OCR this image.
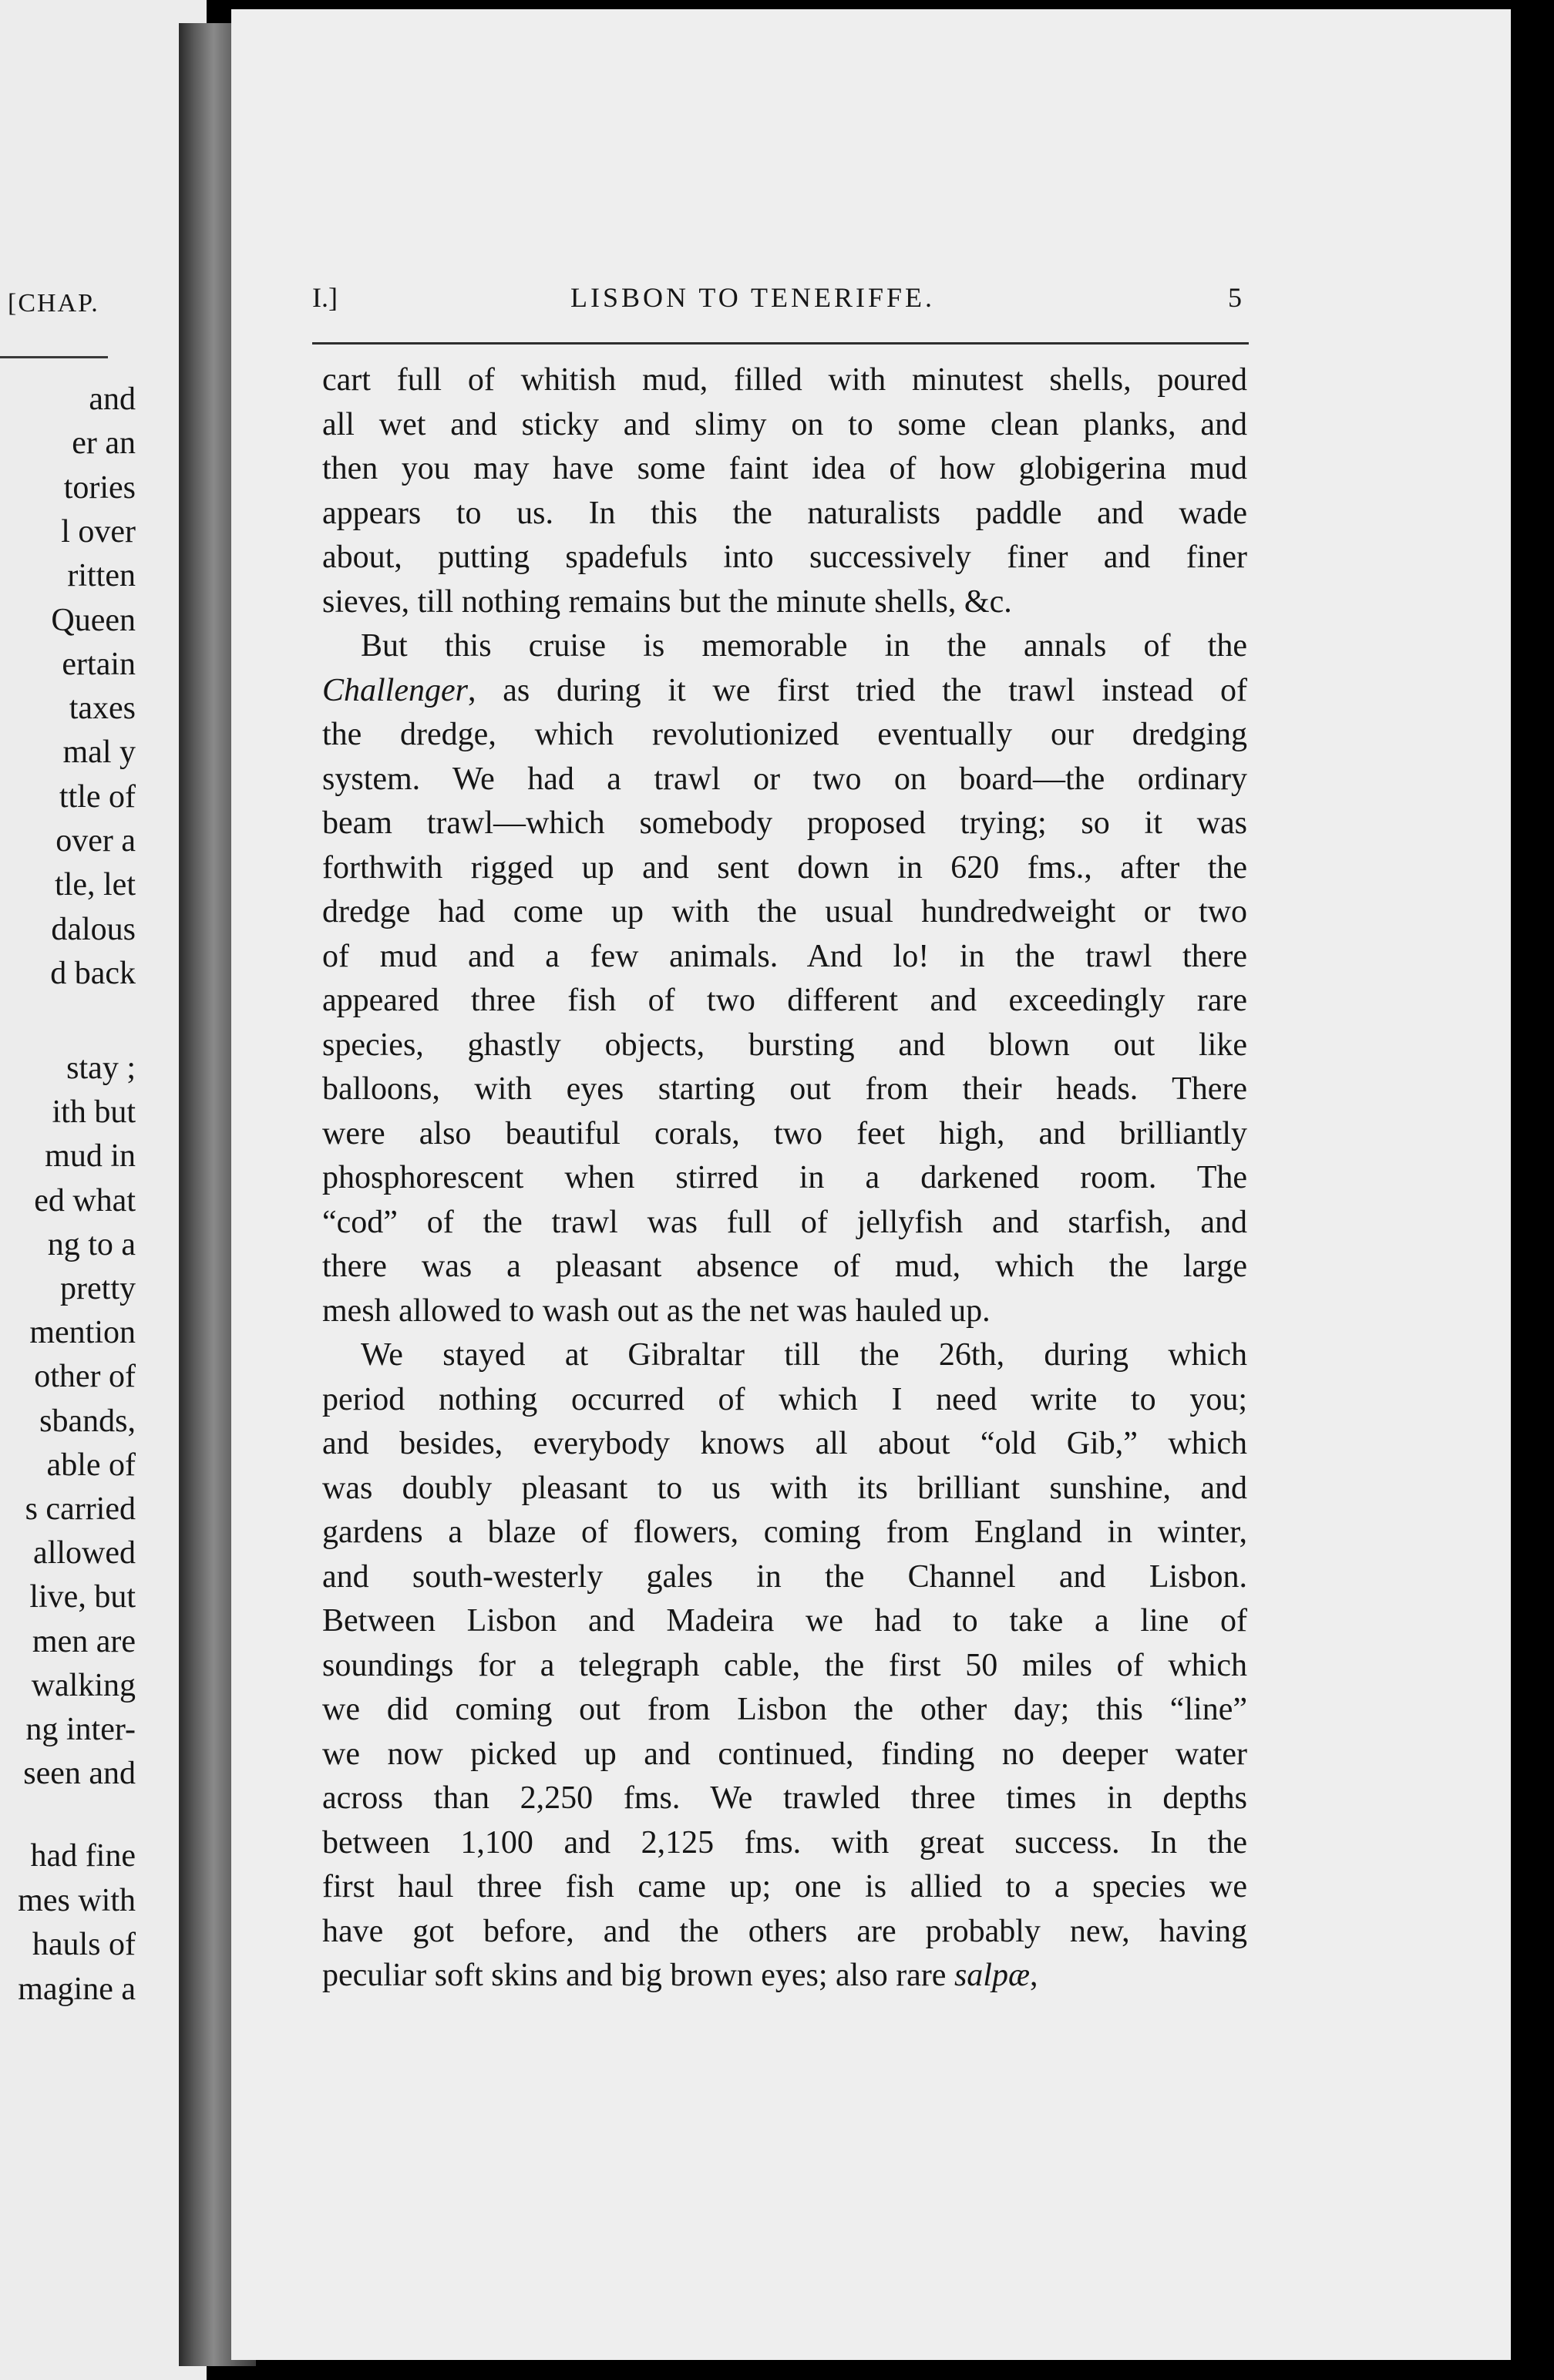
[CHAP.
and
er an
tories
l over
ritten
Queen
ertain
taxes
mal y
ttle of
over a
tle, let
dalous
d back
stay ;
ith but
mud in
ed what
ng to a
pretty
mention
other of
sbands,
able of
s carried
allowed
live, but
men are
walking
ng inter-
seen and
had fine
mes with
hauls of
magine a
I.]	LISBON TO TENERIFFE.	5
cart full of whitish mud, filled with minutest shells, poured
all wet and sticky and slimy on to some clean planks, and
then you may have some faint idea of how globigerina mud
appears to us. In this the naturalists paddle and wade
about, putting spadefuls into successively finer and finer
sieves, till nothing remains but the minute shells, &c.
But this cruise is memorable in the annals of the
Challenger, as during it we first tried the trawl instead of
the dredge, which revolutionized eventually our dredging
system. We had a trawl or two on board—the ordinary
beam trawl—which somebody proposed trying; so it was
forthwith rigged up and sent down in 620 fms., after the
dredge had come up with the usual hundredweight or two
of mud and a few animals. And lo! in the trawl there
appeared three fish of two different and exceedingly rare
species, ghastly objects, bursting and blown out like
balloons, with eyes starting out from their heads. There
were also beautiful corals, two feet high, and brilliantly
phosphorescent when stirred in a darkened room. The
“cod” of the trawl was full of jellyfish and starfish, and
there was a pleasant absence of mud, which the large
mesh allowed to wash out as the net was hauled up.
We stayed at Gibraltar till the 26th, during which
period nothing occurred of which I need write to you;
and besides, everybody knows all about “old Gib,” which
was doubly pleasant to us with its brilliant sunshine, and
gardens a blaze of flowers, coming from England in winter,
and south-westerly gales in the Channel and Lisbon.
Between Lisbon and Madeira we had to take a line of
soundings for a telegraph cable, the first 50 miles of which
we did coming out from Lisbon the other day; this “line”
we now picked up and continued, finding no deeper water
across than 2,250 fms. We trawled three times in depths
between 1,100 and 2,125 fms. with great success. In the
first haul three fish came up; one is allied to a species we
have got before, and the others are probably new, having
peculiar soft skins and big brown eyes; also rare salpæ,
